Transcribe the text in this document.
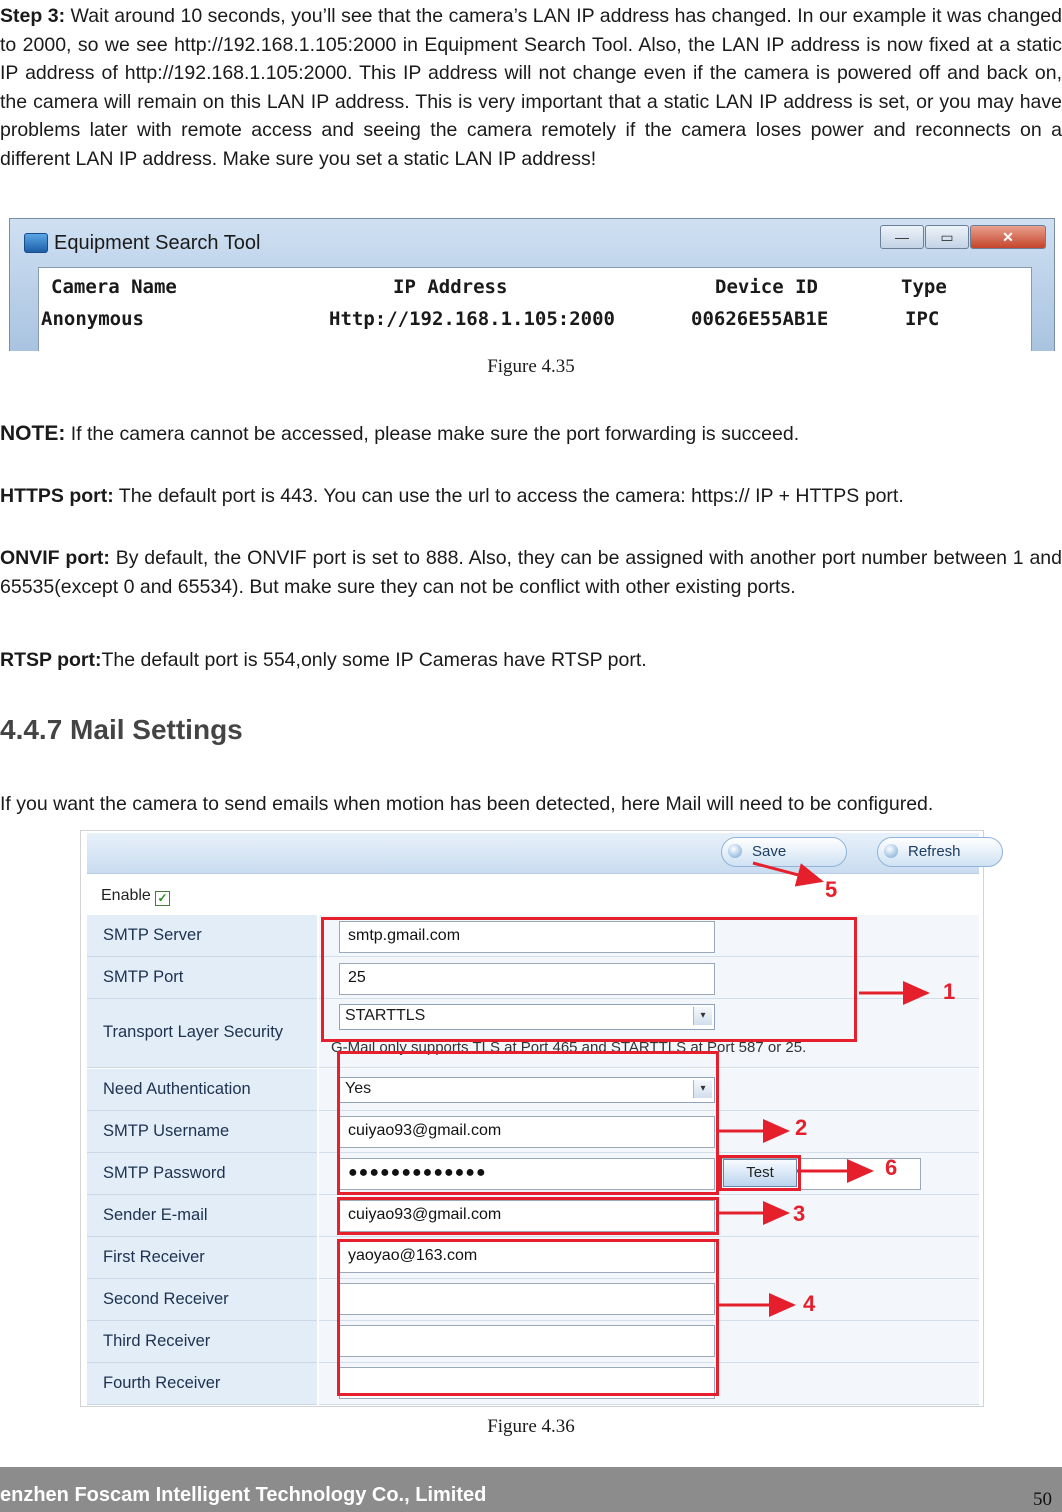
Step 3: Wait around 10 seconds, you’ll see that the camera’s LAN IP address has changed. In our example it was changed to 2000, so we see http://192.168.1.105:2000 in Equipment Search Tool. Also, the LAN IP address is now fixed at a static IP address of http://192.168.1.105:2000. This IP address will not change even if the camera is powered off and back on, the camera will remain on this LAN IP address. This is very important that a static LAN IP address is set, or you may have problems later with remote access and seeing the camera remotely if the camera loses power and reconnects on a different LAN IP address. Make sure you set a static LAN IP address!
Equipment Search Tool	—	▭	✕
Camera Name	IP Address	Device ID	Type
Anonymous	Http://192.168.1.105:2000	00626E55AB1E	IPC
Figure 4.35
NOTE: If the camera cannot be accessed, please make sure the port forwarding is succeed.
HTTPS port: The default port is 443. You can use the url to access the camera: https:// IP + HTTPS port.
ONVIF port: By default, the ONVIF port is set to 888. Also, they can be assigned with another port number between 1 and 65535(except 0 and 65534). But make sure they can not be conflict with other existing ports.
RTSP port:The default port is 554,only some IP Cameras have RTSP port.
4.4.7 Mail Settings
If you want the camera to send emails when motion has been detected, here Mail will need to be configured.
Save	Refresh
Enable ✓
SMTP Server	smtp.gmail.com
SMTP Port	25
Transport Layer Security
STARTTLS	▾
G-Mail only supports TLS at Port 465 and STARTTLS at Port 587 or 25.
Need Authentication	Yes	▾
SMTP Username	cuiyao93@gmail.com
SMTP Password	●●●●●●●●●●●●●	Test
Sender E-mail	cuiyao93@gmail.com
First Receiver	yaoyao@163.com
Second Receiver
Third Receiver
Fourth Receiver
1
2
3
4
5
6
Figure 4.36
enzhen Foscam Intelligent Technology Co., Limited	50
